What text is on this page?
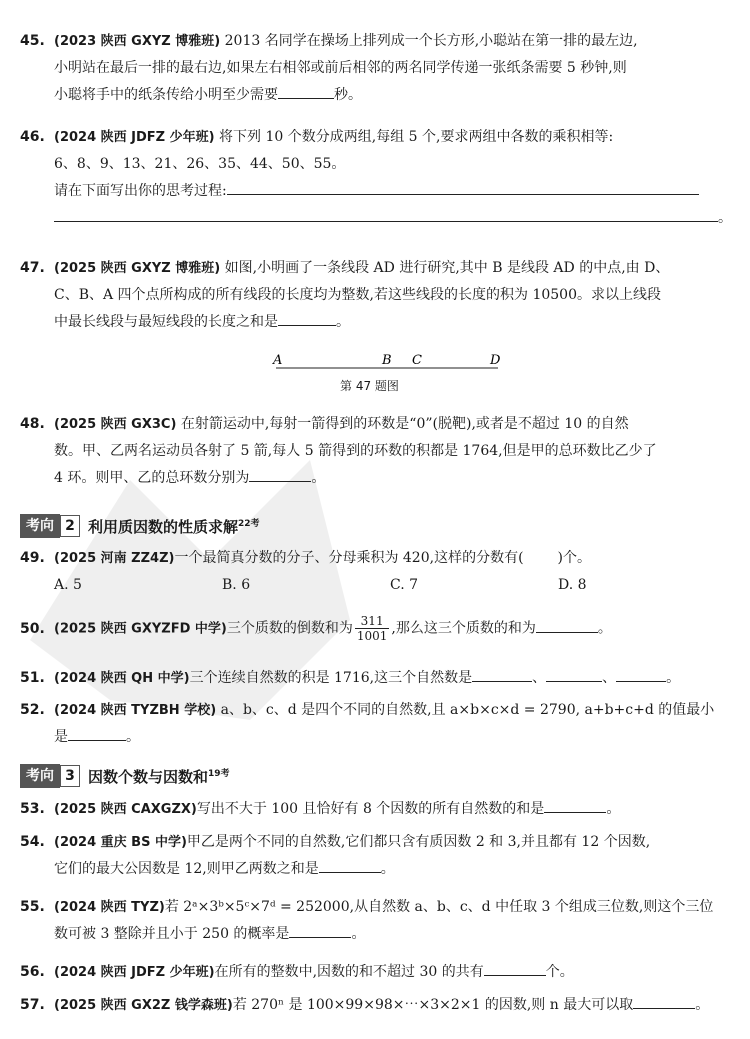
45. (2023 陕西 GXYZ 博雅班) 2013 名同学在操场上排列成一个长方形,小聪站在第一排的最左边,
小明站在最后一排的最右边,如果左右相邻或前后相邻的两名同学传递一张纸条需要 5 秒钟,则
小聪将手中的纸条传给小明至少需要	秒。
46. (2024 陕西 JDFZ 少年班) 将下列 10 个数分成两组,每组 5 个,要求两组中各数的乘积相等:
6、8、9、13、21、26、35、44、50、55。
请在下面写出你的思考过程:
。
47. (2025 陕西 GXYZ 博雅班) 如图,小明画了一条线段 AD 进行研究,其中 B 是线段 AD 的中点,由 D、
C、B、A 四个点所构成的所有线段的长度均为整数,若这些线段的长度的积为 10500。求以上线段
中最长线段与最短线段的长度之和是	。
A	B C	D
第 47 题图
48. (2025 陕西 GX3C) 在射箭运动中,每射一箭得到的环数是“0”(脱靶),或者是不超过 10 的自然
数。甲、乙两名运动员各射了 5 箭,每人 5 箭得到的环数的积都是 1764,但是甲的总环数比乙少了
4 环。则甲、乙的总环数分别为	。
考向 2 利用质因数的性质求解$^{22考}$
49. (2025 河南 ZZ4Z)一个最简真分数的分子、分母乘积为 420,这样的分数有( )个。
A. 5	B. 6	C. 7	D. 8
50. (2025 陕西 GXYZFD 中学)三个质数的倒数和为 $\frac{311}{1001}$ ,那么这三个质数的和为	。
51. (2024 陕西 QH 中学)三个连续自然数的积是 1716,这三个自然数是	、	、	。
52. (2024 陕西 TYZBH 学校) a、b、c、d 是四个不同的自然数,且 a×b×c×d = 2790, a+b+c+d 的值最小
是	。
考向 3 因数个数与因数和$^{19考}$
53. (2025 陕西 CAXGZX)写出不大于 100 且恰好有 8 个因数的所有自然数的和是	。
54. (2024 重庆 BS 中学)甲乙是两个不同的自然数,它们都只含有质因数 2 和 3,并且都有 12 个因数,
它们的最大公因数是 12,则甲乙两数之和是	。
55. (2024 陕西 TYZ)若 2ᵃ×3ᵇ×5ᶜ×7ᵈ = 252000,从自然数 a、b、c、d 中任取 3 个组成三位数,则这个三位
数可被 3 整除并且小于 250 的概率是	。
56. (2024 陕西 JDFZ 少年班)在所有的整数中,因数的和不超过 30 的共有	个。
57. (2025 陕西 GX2Z 钱学森班)若 270ⁿ 是 100×99×98×⋯×3×2×1 的因数,则 n 最大可以取	。
